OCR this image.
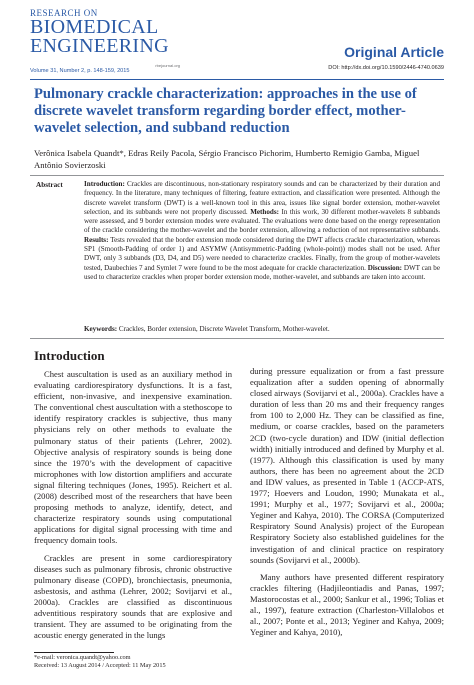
RESEARCH ON
BIOMEDICAL
ENGINEERING
rbejournal.org
Volume 31, Number 2, p. 148-159, 2015
Original Article
DOI: http://dx.doi.org/10.1590/2446-4740.0639
Pulmonary crackle characterization: approaches in the use of discrete wavelet transform regarding border effect, mother-wavelet selection, and subband reduction
Verônica Isabela Quandt*, Edras Reily Pacola, Sérgio Francisco Pichorim, Humberto Remigio Gamba, Miguel Antônio Sovierzoski
Abstract	Introduction: Crackles are discontinuous, non-stationary respiratory sounds and can be characterized by their duration and frequency. In the literature, many techniques of filtering, feature extraction, and classification were presented. Although the discrete wavelet transform (DWT) is a well-known tool in this area, issues like signal border extension, mother-wavelet selection, and its subbands were not properly discussed. Methods: In this work, 30 different mother-wavelets 8 subbands were assessed, and 9 border extension modes were evaluated. The evaluations were done based on the energy representation of the crackle considering the mother-wavelet and the border extension, allowing a reduction of not representative subbands. Results: Tests revealed that the border extension mode considered during the DWT affects crackle characterization, whereas SP1 (Smooth-Padding of order 1) and ASYMW (Antisymmetric-Padding (whole-point)) modes shall not be used. After DWT, only 3 subbands (D3, D4, and D5) were needed to characterize crackles. Finally, from the group of mother-wavelets tested, Daubechies 7 and Symlet 7 were found to be the most adequate for crackle characterization. Discussion: DWT can be used to characterize crackles when proper border extension mode, mother-wavelet, and subbands are taken into account.
Keywords: Crackles, Border extension, Discrete Wavelet Transform, Mother-wavelet.
Introduction

Chest auscultation is used as an auxiliary method in evaluating cardiorespiratory dysfunctions. It is a fast, efficient, non-invasive, and inexpensive examination. The conventional chest auscultation with a stethoscope to identify respiratory crackles is subjective, thus many physicians rely on other methods to evaluate the pulmonary status of their patients (Lehrer, 2002). Objective analysis of respiratory sounds is being done since the 1970’s with the development of capacitive microphones with low distortion amplifiers and accurate signal filtering techniques (Jones, 1995). Reichert et al. (2008) described most of the researchers that have been proposing methods to analyze, identify, detect, and characterize respiratory sounds using computational applications for digital signal processing with time and frequency domain tools.

Crackles are present in some cardiorespiratory diseases such as pulmonary fibrosis, chronic obstructive pulmonary disease (COPD), bronchiectasis, pneumonia, asbestosis, and asthma (Lehrer, 2002; Sovijarvi et al., 2000a). Crackles are classified as discontinuous adventitious respiratory sounds that are explosive and transient. They are assumed to be originating from the acoustic energy generated in the lungs

during pressure equalization or from a fast pressure equalization after a sudden opening of abnormally closed airways (Sovijarvi et al., 2000a). Crackles have a duration of less than 20 ms and their frequency ranges from 100 to 2,000 Hz. They can be classified as fine, medium, or coarse crackles, based on the parameters 2CD (two-cycle duration) and IDW (initial deflection width) initially introduced and defined by Murphy et al. (1977). Although this classification is used by many authors, there has been no agreement about the 2CD and IDW values, as presented in Table 1 (ACCP-ATS, 1977; Hoevers and Loudon, 1990; Munakata et al., 1991; Murphy et al., 1977; Sovijarvi et al., 2000a; Yeginer and Kahya, 2010). The CORSA (Computerized Respiratory Sound Analysis) project of the European Respiratory Society also established guidelines for the investigation of and clinical practice on respiratory sounds (Sovijarvi et al., 2000b).

Many authors have presented different respiratory crackles filtering (Hadjileontiadis and Panas, 1997; Mastorocostas et al., 2000; Sankur et al., 1996; Tolias et al., 1997), feature extraction (Charleston-Villalobos et al., 2007; Ponte et al., 2013; Yeginer and Kahya, 2009; Yeginer and Kahya, 2010),

*e-mail: veronica.quandt@yahoo.com
Received: 13 August 2014 / Accepted: 11 May 2015
